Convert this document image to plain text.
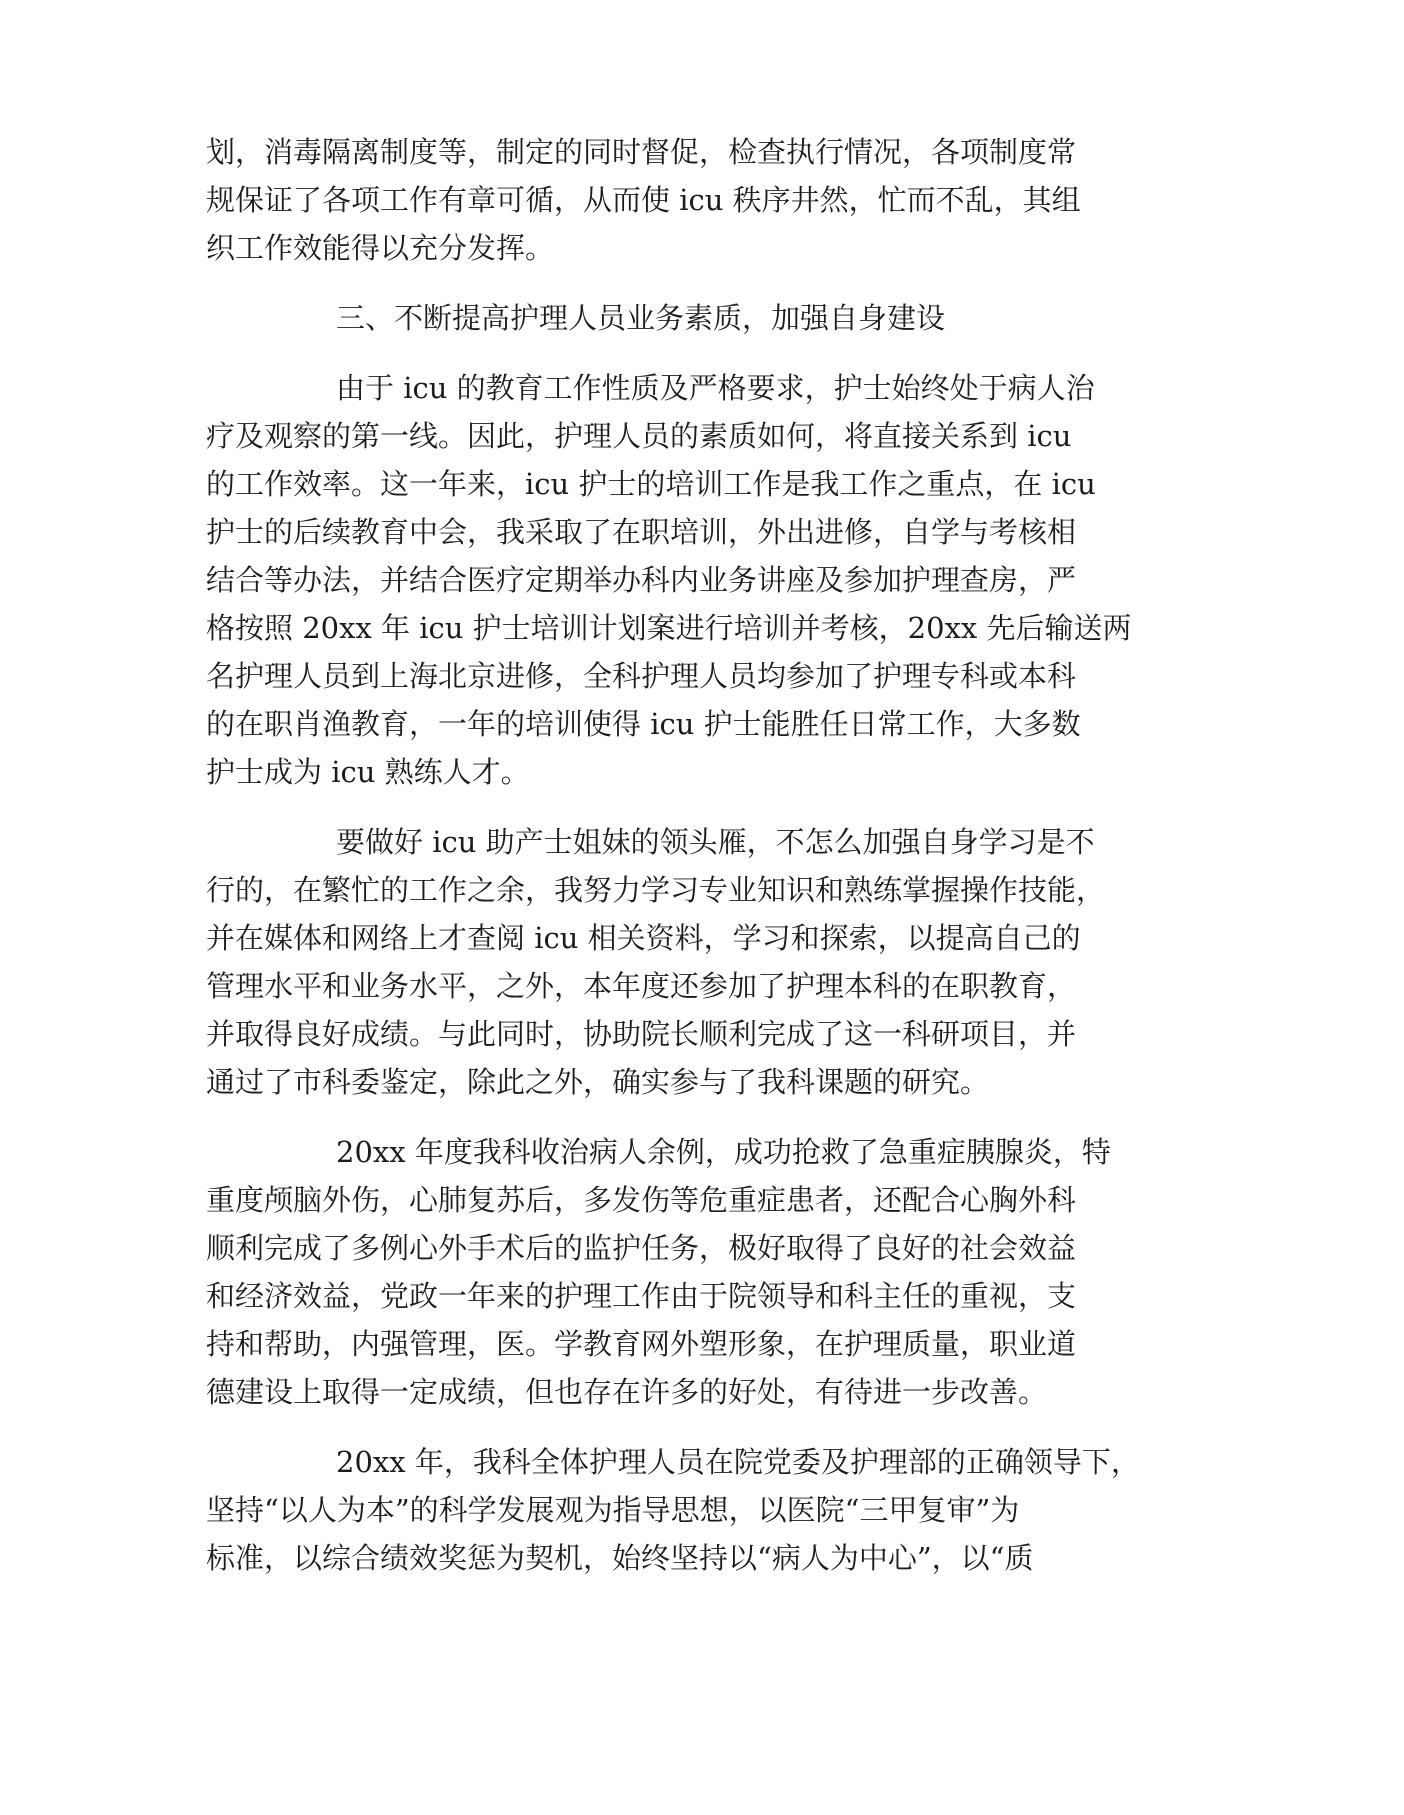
划，消毒隔离制度等，制定的同时督促，检查执行情况，各项制度常
规保证了各项工作有章可循，从而使 icu 秩序井然，忙而不乱，其组
织工作效能得以充分发挥。
三、不断提高护理人员业务素质，加强自身建设
由于 icu 的教育工作性质及严格要求，护士始终处于病人治
疗及观察的第一线。因此，护理人员的素质如何，将直接关系到 icu
的工作效率。这一年来，icu 护士的培训工作是我工作之重点，在 icu
护士的后续教育中会，我采取了在职培训，外出进修，自学与考核相
结合等办法，并结合医疗定期举办科内业务讲座及参加护理查房，严
格按照 20xx 年 icu 护士培训计划案进行培训并考核，20xx 先后输送两
名护理人员到上海北京进修，全科护理人员均参加了护理专科或本科
的在职肖渔教育，一年的培训使得 icu 护士能胜任日常工作，大多数
护士成为 icu 熟练人才。
要做好 icu 助产士姐妹的领头雁，不怎么加强自身学习是不
行的，在繁忙的工作之余，我努力学习专业知识和熟练掌握操作技能，
并在媒体和网络上才查阅 icu 相关资料，学习和探索，以提高自己的
管理水平和业务水平，之外，本年度还参加了护理本科的在职教育，
并取得良好成绩。与此同时，协助院长顺利完成了这一科研项目，并
通过了市科委鉴定，除此之外，确实参与了我科课题的研究。
20xx 年度我科收治病人余例，成功抢救了急重症胰腺炎，特
重度颅脑外伤，心肺复苏后，多发伤等危重症患者，还配合心胸外科
顺利完成了多例心外手术后的监护任务，极好取得了良好的社会效益
和经济效益，党政一年来的护理工作由于院领导和科主任的重视，支
持和帮助，内强管理，医。学教育网外塑形象，在护理质量，职业道
德建设上取得一定成绩，但也存在许多的好处，有待进一步改善。
20xx 年，我科全体护理人员在院党委及护理部的正确领导下，
坚持“以人为本”的科学发展观为指导思想，以医院“三甲复审”为
标准，以综合绩效奖惩为契机，始终坚持以“病人为中心”，以“质
